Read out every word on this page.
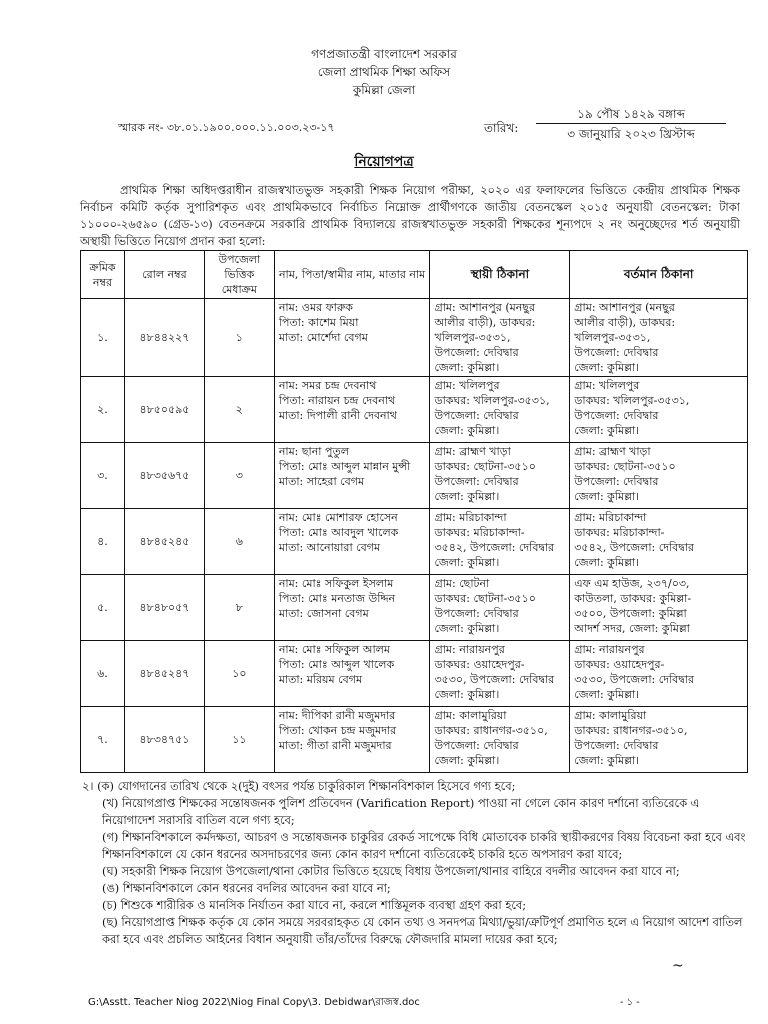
গণপ্রজাতন্ত্রী বাংলাদেশ সরকার
জেলা প্রাথমিক শিক্ষা অফিস
কুমিল্লা জেলা
স্মারক নং- ৩৮.০১.১৯০০.০০০.১১.০০৩.২৩-১৭	তারিখ:
১৯ পৌষ ১৪২৯ বঙ্গাব্দ
৩ জানুয়ারি ২০২৩ খ্রিস্টাব্দ
নিয়োগপত্র
প্রাথমিক শিক্ষা অধিদপ্তরাধীন রাজস্বখাতভুক্ত সহকারী শিক্ষক নিয়োগ পরীক্ষা, ২০২০ এর ফলাফলের ভিত্তিতে কেন্দ্রীয় প্রাথমিক শিক্ষক নির্বাচন কমিটি কর্তৃক সুপারিশকৃত এবং প্রাথমিকভাবে নির্বাচিত নিম্নোক্ত প্রার্থীগণকে জাতীয় বেতনস্কেল ২০১৫ অনুযায়ী বেতনস্কেল: টাকা ১১০০০-২৬৫৯০ (গ্রেড-১৩) বেতনক্রমে সরকারি প্রাথমিক বিদ্যালয়ে রাজস্বখাতভুক্ত সহকারী শিক্ষকের শূন্যপদে ২ নং অনুচ্ছেদের শর্ত অনুযায়ী অস্থায়ী ভিত্তিতে নিয়োগ প্রদান করা হলো:
ক্রমিক নম্বর	রোল নম্বর	উপজেলা ভিত্তিক মেধাক্রম	নাম, পিতা/স্বামীর নাম, মাতার নাম	স্থায়ী ঠিকানা	বর্তমান ঠিকানা
১.	৪৮৪৪২২৭	১	নাম: ওমর ফারুক
পিতা: কাশেম মিয়া
মাতা: মোর্শেদা বেগম	গ্রাম: আশানপুর (মনছুর
আলীর বাড়ী), ডাকঘর:
খলিলপুর-৩৫৩১,
উপজেলা: দেবিদ্বার
জেলা: কুমিল্লা।	গ্রাম: আশানপুর (মনছুর
আলীর বাড়ী), ডাকঘর:
খলিলপুর-৩৫৩১,
উপজেলা: দেবিদ্বার
জেলা: কুমিল্লা।

২.	৪৮৫০৫৯৫	২	নাম: সমর চন্দ্র দেবনাথ
পিতা: নারায়ন চন্দ্র দেবনাথ
মাতা: দিপালী রানী দেবনাথ	গ্রাম: খলিলপুর
ডাকঘর: খলিলপুর-৩৫৩১,
উপজেলা: দেবিদ্বার
জেলা: কুমিল্লা।	গ্রাম: খলিলপুর
ডাকঘর: খলিলপুর-৩৫৩১,
উপজেলা: দেবিদ্বার
জেলা: কুমিল্লা।

৩.	৪৮৩৫৬৭৫	৩	নাম: ছানা পুতুল
পিতা: মোঃ আব্দুল মান্নান মুন্সী
মাতা: সাহেরা বেগম	গ্রাম: ব্রাহ্মণ খাড়া
ডাকঘর: ছোটনা-৩৫১০
উপজেলা: দেবিদ্বার
জেলা: কুমিল্লা।	গ্রাম: ব্রাহ্মণ খাড়া
ডাকঘর: ছোটনা-৩৫১০
উপজেলা: দেবিদ্বার
জেলা: কুমিল্লা।

৪.	৪৮৪৫২৪৫	৬	নাম: মোঃ মোশারফ হোসেন
পিতা: মোঃ আবদুল খালেক
মাতা: আনোয়ারা বেগম	গ্রাম: মরিচাকান্দা
ডাকঘর: মরিচাকান্দা-
৩৫৪২, উপজেলা: দেবিদ্বার
জেলা: কুমিল্লা।	গ্রাম: মরিচাকান্দা
ডাকঘর: মরিচাকান্দা-
৩৫৪২, উপজেলা: দেবিদ্বার
জেলা: কুমিল্লা।

৫.	৪৮৪৮০৫৭	৮	নাম: মোঃ সফিকুল ইসলাম
পিতা: মোঃ মনতাজ উদ্দিন
মাতা: জোসনা বেগম	গ্রাম: ছোটনা
ডাকঘর: ছোটনা-৩৫১০
উপজেলা: দেবিদ্বার
জেলা: কুমিল্লা।	এফ এম হাউজ, ২৩৭/০৩,
কাউতলা, ডাকঘর: কুমিল্লা-
৩৫০০, উপজেলা: কুমিল্লা
আদর্শ সদর, জেলা: কুমিল্লা

৬.	৪৮৪৫২৪৭	১০	নাম: মোঃ সফিকুল আলম
পিতা: মোঃ আব্দুল খালেক
মাতা: মরিয়ম বেগম	গ্রাম: নারায়নপুর
ডাকঘর: ওয়াহেদপুর-
৩৫৩০, উপজেলা: দেবিদ্বার
জেলা: কুমিল্লা।	গ্রাম: নারায়নপুর
ডাকঘর: ওয়াহেদপুর-
৩৫৩০, উপজেলা: দেবিদ্বার
জেলা: কুমিল্লা।

৭.	৪৮৩৪৭৫১	১১	নাম: দীপিকা রানী মজুমদার
পিতা: খোকন চন্দ্র মজুমদার
মাতা: গীতা রানী মজুমদার	গ্রাম: কালামুরিয়া
ডাকঘর: রাধানগর-৩৫১০,
উপজেলা: দেবিদ্বার
জেলা: কুমিল্লা।	গ্রাম: কালামুরিয়া
ডাকঘর: রাধানগর-৩৫১০,
উপজেলা: দেবিদ্বার
জেলা: কুমিল্লা।
২। (ক) যোগদানের তারিখ থেকে ২(দুই) বৎসর পর্যন্ত চাকুরিকাল শিক্ষানবিশকাল হিসেবে গণ্য হবে;
(খ) নিয়োগপ্রাপ্ত শিক্ষকের সন্তোষজনক পুলিশ প্রতিবেদন (Varification Report) পাওয়া না গেলে কোন কারণ দর্শানো ব্যতিরেকে এ নিয়োগাদেশ সরাসরি বাতিল বলে গণ্য হবে;
(গ) শিক্ষানবিশকালে কর্মদক্ষতা, আচরণ ও সন্তোষজনক চাকুরির রেকর্ড সাপেক্ষে বিধি মোতাবেক চাকরি স্থায়ীকরণের বিষয় বিবেচনা করা হবে এবং শিক্ষানবিশকালে যে কোন ধরনের অসদাচরণের জন্য কোন কারণ দর্শানো ব্যতিরেকেই চাকরি হতে অপসারণ করা যাবে;
(ঘ) সহকারী শিক্ষক নিয়োগ উপজেলা/থানা কোটার ভিত্তিতে হয়েছে বিধায় উপজেলা/থানার বাহিরে বদলীর আবেদন করা যাবে না;
(ঙ) শিক্ষানবিশকালে কোন ধরনের বদলির আবেদন করা যাবে না;
(চ) শিশুকে শারীরিক ও মানসিক নির্যাতন করা যাবে না, করলে শাস্তিমূলক ব্যবস্থা গ্রহণ করা হবে;
(ছ) নিয়োগপ্রাপ্ত শিক্ষক কর্তৃক যে কোন সময়ে সরবরাহকৃত যে কোন তথ্য ও সনদপত্র মিথ্যা/ভুয়া/ত্রুটিপূর্ণ প্রমাণিত হলে এ নিয়োগ আদেশ বাতিল করা হবে এবং প্রচলিত আইনের বিধান অনুযায়ী তাঁর/তাঁদের বিরুদ্ধে ফৌজদারি মামলা দায়ের করা হবে;
~
G:\Asstt. Teacher Niog 2022\Niog Final Copy\3. Debidwar\রাজস্ব.doc	- ১ -
